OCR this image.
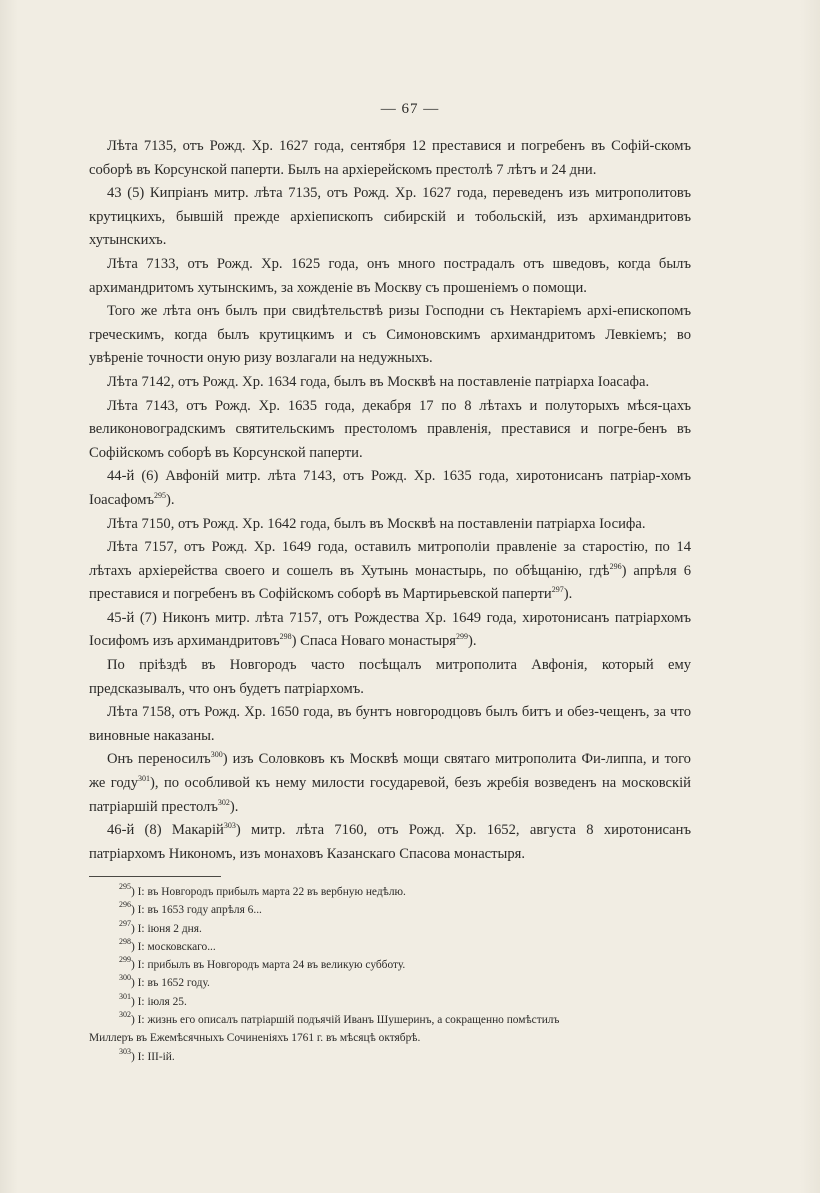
— 67 —

Лѣта 7135, отъ Рожд. Хр. 1627 года, сентября 12 преставися и погребенъ въ Софій-скомъ соборѣ въ Корсунской паперти. Былъ на архіерейскомъ престолѣ 7 лѣтъ и 24 дни.

43 (5) Кипріанъ митр. лѣта 7135, отъ Рожд. Хр. 1627 года, переведенъ изъ митрополитовъ крутицкихъ, бывшій прежде архіепископъ сибирскій и тобольскій, изъ архимандритовъ хутынскихъ.

Лѣта 7133, отъ Рожд. Хр. 1625 года, онъ много пострадалъ отъ шведовъ, когда былъ архимандритомъ хутынскимъ, за хожденіе въ Москву съ прошеніемъ о помощи.

Того же лѣта онъ былъ при свидѣтельствѣ ризы Господни съ Нектаріемъ архі-епископомъ греческимъ, когда былъ крутицкимъ и съ Симоновскимъ архимандритомъ Левкіемъ; во увѣреніе точности оную ризу возлагали на недужныхъ.

Лѣта 7142, отъ Рожд. Хр. 1634 года, былъ въ Москвѣ на поставленіе патріарха Іоасафа.

Лѣта 7143, отъ Рожд. Хр. 1635 года, декабря 17 по 8 лѣтахъ и полуторыхъ мѣся-цахъ великоновоградскимъ святительскимъ престоломъ правленія, преставися и погре-бенъ въ Софійскомъ соборѣ въ Корсунской паперти.

44-й (6) Авфоній митр. лѣта 7143, отъ Рожд. Хр. 1635 года, хиротонисанъ патріар-хомъ Іоасафомъ$^{295}$).

Лѣта 7150, отъ Рожд. Хр. 1642 года, былъ въ Москвѣ на поставленіи патріарха Іосифа.

Лѣта 7157, отъ Рожд. Хр. 1649 года, оставилъ митрополіи правленіе за старостію, по 14 лѣтахъ архіерейства своего и сошелъ въ Хутынь монастырь, по обѣщанію, гдѣ$^{296}$) апрѣля 6 преставися и погребенъ въ Софійскомъ соборѣ въ Мартирьевской паперти$^{297}$).

45-й (7) Никонъ митр. лѣта 7157, отъ Рождества Хр. 1649 года, хиротонисанъ патріархомъ Іосифомъ изъ архимандритовъ$^{298}$) Спаса Новаго монастыря$^{299}$).

По пріѣздѣ въ Новгородъ часто посѣщалъ митрополита Авфонія, который ему предсказывалъ, что онъ будетъ патріархомъ.

Лѣта 7158, отъ Рожд. Хр. 1650 года, въ бунтъ новгородцовъ былъ битъ и обез-чещенъ, за что виновные наказаны.

Онъ переносилъ$^{300}$) изъ Соловковъ къ Москвѣ мощи святаго митрополита Фи-липпа, и того же году$^{301}$), по особливой къ нему милости государевой, безъ жребія возведенъ на московскій патріаршій престолъ$^{302}$).

46-й (8) Макарій$^{303}$) митр. лѣта 7160, отъ Рожд. Хр. 1652, августа 8 хиротонисанъ патріархомъ Никономъ, изъ монаховъ Казанскаго Спасова монастыря.

$^{295}$) I: въ Новгородъ прибылъ марта 22 въ вербную недѣлю.
$^{296}$) I: въ 1653 году апрѣля 6...
$^{297}$) I: іюня 2 дня.
$^{298}$) I: московскаго...
$^{299}$) I: прибылъ въ Новгородъ марта 24 въ великую субботу.
$^{300}$) I: въ 1652 году.
$^{301}$) I: іюля 25.
$^{302}$) I: жизнь его описалъ патріаршій подъячій Иванъ Шушеринъ, а сокращенно помѣстилъ
Миллеръ въ Ежемѣсячныхъ Сочиненіяхъ 1761 г. въ мѣсяцѣ октябрѣ.
$^{303}$) I: III-ій.
